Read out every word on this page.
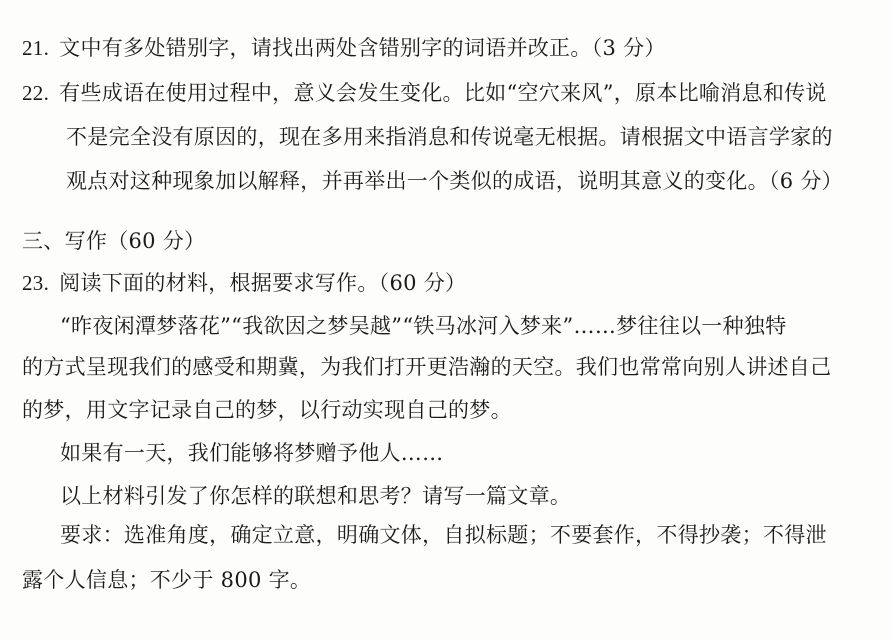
21. 文中有多处错别字，请找出两处含错别字的词语并改正。（3 分）
22. 有些成语在使用过程中，意义会发生变化。比如“空穴来风”，原本比喻消息和传说
不是完全没有原因的，现在多用来指消息和传说毫无根据。请根据文中语言学家的
观点对这种现象加以解释，并再举出一个类似的成语，说明其意义的变化。（6 分）
三、写作（60 分）
23. 阅读下面的材料，根据要求写作。（60 分）
“昨夜闲潭梦落花”“我欲因之梦吴越”“铁马冰河入梦来”……梦往往以一种独特
的方式呈现我们的感受和期冀，为我们打开更浩瀚的天空。我们也常常向别人讲述自己
的梦，用文字记录自己的梦，以行动实现自己的梦。
如果有一天，我们能够将梦赠予他人……
以上材料引发了你怎样的联想和思考？请写一篇文章。
要求：选准角度，确定立意，明确文体，自拟标题；不要套作，不得抄袭；不得泄
露个人信息；不少于 800 字。
